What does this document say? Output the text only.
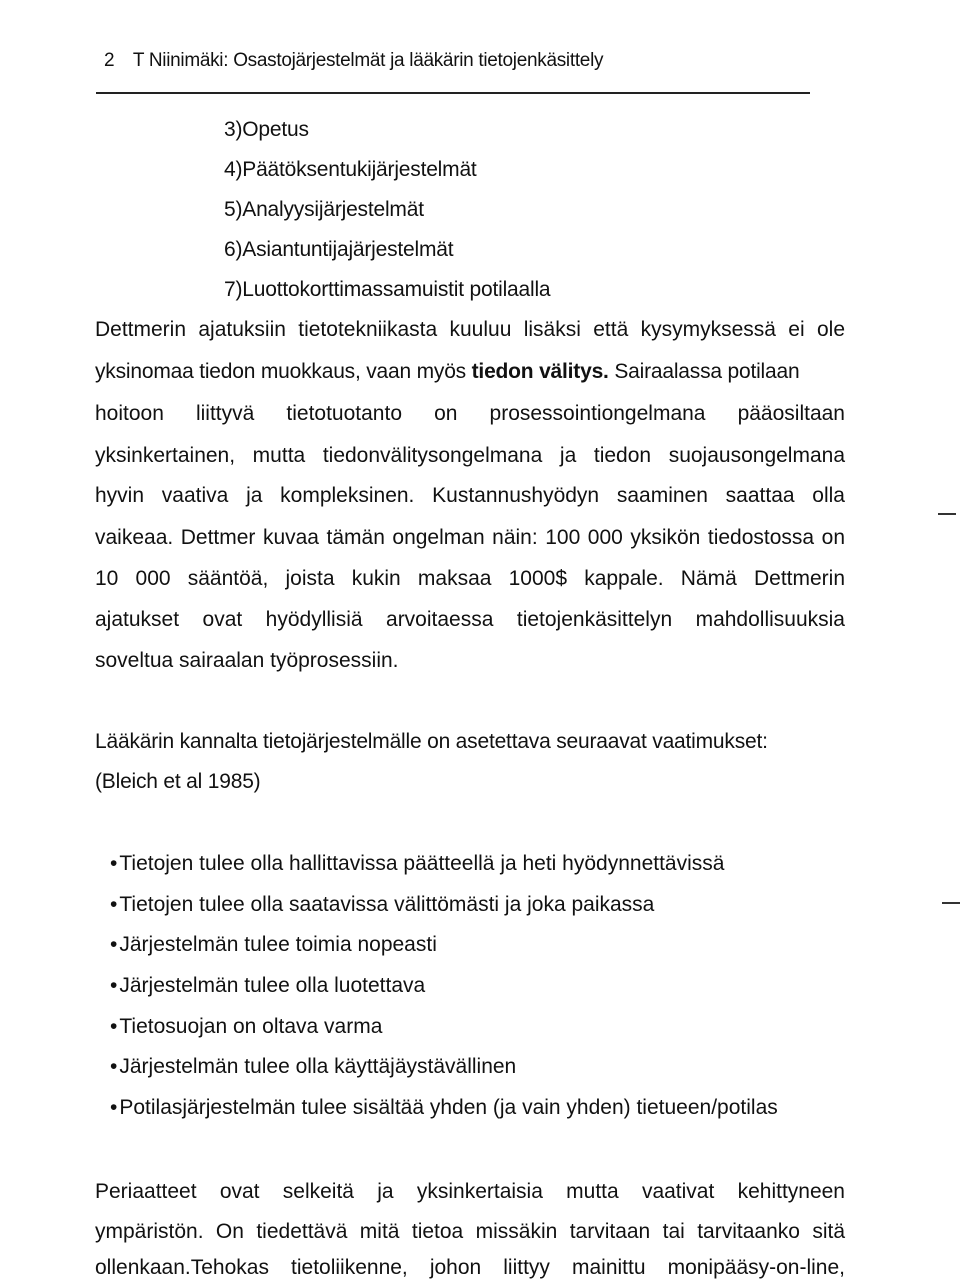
2 T Niinimäki: Osastojärjestelmät ja lääkärin tietojenkäsittely
3)Opetus
4)Päätöksentukijärjestelmät
5)Analyysijärjestelmät
6)Asiantuntijajärjestelmät
7)Luottokorttimassamuistit potilaalla
Dettmerin ajatuksiin tietotekniikasta kuuluu lisäksi että kysymyksessä ei ole
yksinomaa tiedon muokkaus, vaan myös tiedon välitys. Sairaalassa potilaan
hoitoon liittyvä tietotuotanto on prosessointiongelmana pääosiltaan
yksinkertainen, mutta tiedonvälitysongelmana ja tiedon suojausongelmana
hyvin vaativa ja kompleksinen. Kustannushyödyn saaminen saattaa olla
vaikeaa. Dettmer kuvaa tämän ongelman näin: 100 000 yksikön tiedostossa on
10 000 sääntöä, joista kukin maksaa 1000$ kappale. Nämä Dettmerin
ajatukset ovat hyödyllisiä arvoitaessa tietojenkäsittelyn mahdollisuuksia
soveltua sairaalan työprosessiin.
Lääkärin kannalta tietojärjestelmälle on asetettava seuraavat vaatimukset:
(Bleich et al 1985)
• Tietojen tulee olla hallittavissa päätteellä ja heti hyödynnettävissä
• Tietojen tulee olla saatavissa välittömästi ja joka paikassa
• Järjestelmän tulee toimia nopeasti
• Järjestelmän tulee olla luotettava
• Tietosuojan on oltava varma
• Järjestelmän tulee olla käyttäjäystävällinen
• Potilasjärjestelmän tulee sisältää yhden (ja vain yhden) tietueen/potilas
Periaatteet ovat selkeitä ja yksinkertaisia mutta vaativat kehittyneen
ympäristön. On tiedettävä mitä tietoa missäkin tarvitaan tai tarvitaanko sitä
ollenkaan.Tehokas tietoliikenne, johon liittyy mainittu monipääsy-on-line,
